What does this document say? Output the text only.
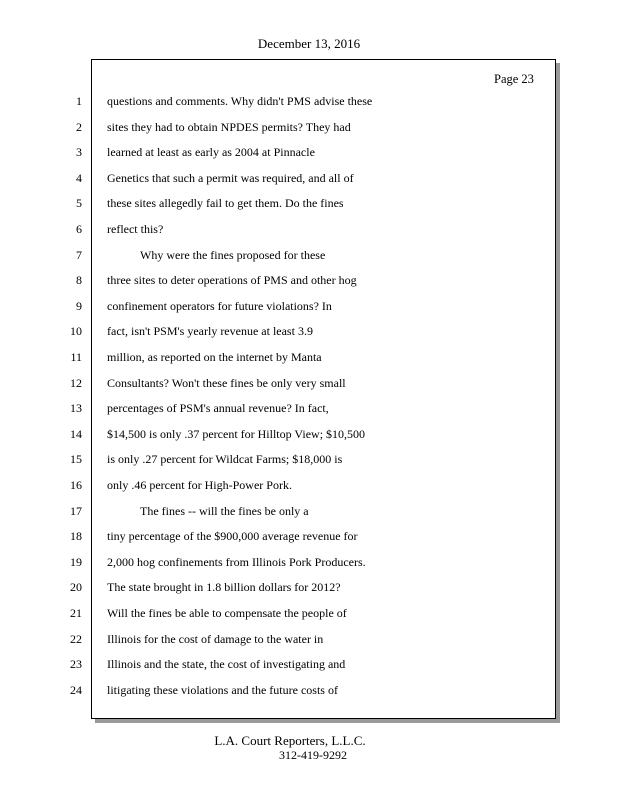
December 13, 2016
Page 23
1 questions and comments. Why didn't PMS advise these
2 sites they had to obtain NPDES permits? They had
3 learned at least as early as 2004 at Pinnacle
4 Genetics that such a permit was required, and all of
5 these sites allegedly fail to get them. Do the fines
6 reflect this?
7	Why were the fines proposed for these
8 three sites to deter operations of PMS and other hog
9 confinement operators for future violations? In
10 fact, isn't PSM's yearly revenue at least 3.9
11 million, as reported on the internet by Manta
12 Consultants? Won't these fines be only very small
13 percentages of PSM's annual revenue? In fact,
14 $14,500 is only .37 percent for Hilltop View; $10,500
15 is only .27 percent for Wildcat Farms; $18,000 is
16 only .46 percent for High-Power Pork.
17	The fines -- will the fines be only a
18 tiny percentage of the $900,000 average revenue for
19 2,000 hog confinements from Illinois Pork Producers.
20 The state brought in 1.8 billion dollars for 2012?
21 Will the fines be able to compensate the people of
22 Illinois for the cost of damage to the water in
23 Illinois and the state, the cost of investigating and
24 litigating these violations and the future costs of
L.A. Court Reporters, L.L.C.
312-419-9292
